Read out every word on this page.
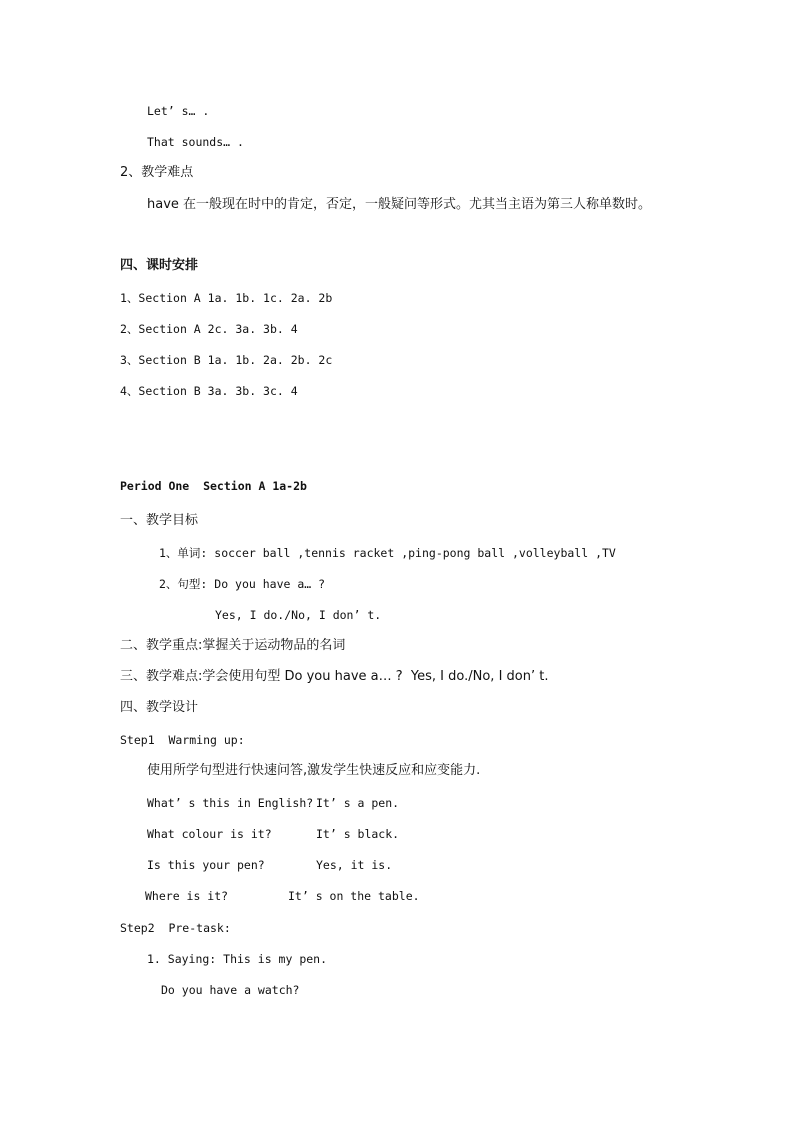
Let’ s… .
That sounds… .
2、教学难点
have 在一般现在时中的肯定，否定，一般疑问等形式。尤其当主语为第三人称单数时。
四、课时安排
1、Section A 1a. 1b. 1c. 2a. 2b
2、Section A 2c. 3a. 3b. 4
3、Section B 1a. 1b. 2a. 2b. 2c
4、Section B 3a. 3b. 3c. 4
Period One  Section A 1a-2b
一、教学目标
1、单词: soccer ball ,tennis racket ,ping-pong ball ,volleyball ,TV
2、句型: Do you have a… ?
Yes, I do./No, I don’ t.
二、教学重点:掌握关于运动物品的名词
三、教学难点:学会使用句型 Do you have a… ?  Yes, I do./No, I don’ t.
四、教学设计
Step1  Warming up:
使用所学句型进行快速问答,激发学生快速反应和应变能力.
What’ s this in English? It’ s a pen.
What colour is it?	It’ s black.
Is this your pen?	Yes, it is.
Where is it?	It’ s on the table.
Step2  Pre-task:
1. Saying: This is my pen.
Do you have a watch?
